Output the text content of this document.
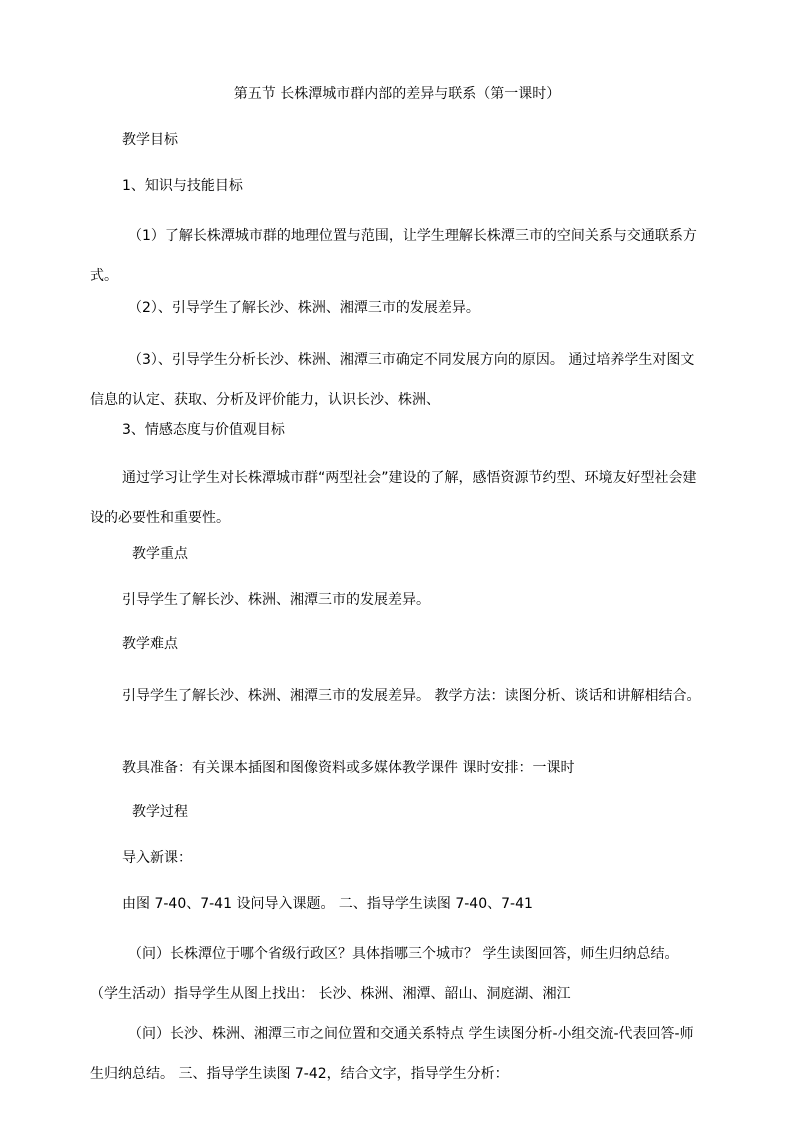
第五节 长株潭城市群内部的差异与联系（第一课时）
教学目标
1、知识与技能目标
（1）了解长株潭城市群的地理位置与范围，让学生理解长株潭三市的空间关系与交通联系方式。
（2）、引导学生了解长沙、株洲、湘潭三市的发展差异。
（3）、引导学生分析长沙、株洲、湘潭三市确定不同发展方向的原因。 通过培养学生对图文信息的认定、获取、分析及评价能力，认识长沙、株洲、
3、情感态度与价值观目标
通过学习让学生对长株潭城市群“两型社会”建设的了解，感悟资源节约型、环境友好型社会建设的必要性和重要性。
教学重点
引导学生了解长沙、株洲、湘潭三市的发展差异。
教学难点
引导学生了解长沙、株洲、湘潭三市的发展差异。 教学方法：读图分析、谈话和讲解相结合。
教具准备：有关课本插图和图像资料或多媒体教学课件 课时安排：一课时
教学过程
导入新课：
由图 7-40、7-41 设问导入课题。 二、指导学生读图 7-40、7-41
（问）长株潭位于哪个省级行政区？具体指哪三个城市？ 学生读图回答，师生归纳总结。 （学生活动）指导学生从图上找出： 长沙、株洲、湘潭、韶山、洞庭湖、湘江
（问）长沙、株洲、湘潭三市之间位置和交通关系特点 学生读图分析-小组交流-代表回答-师生归纳总结。 三、指导学生读图 7-42，结合文字，指导学生分析：
